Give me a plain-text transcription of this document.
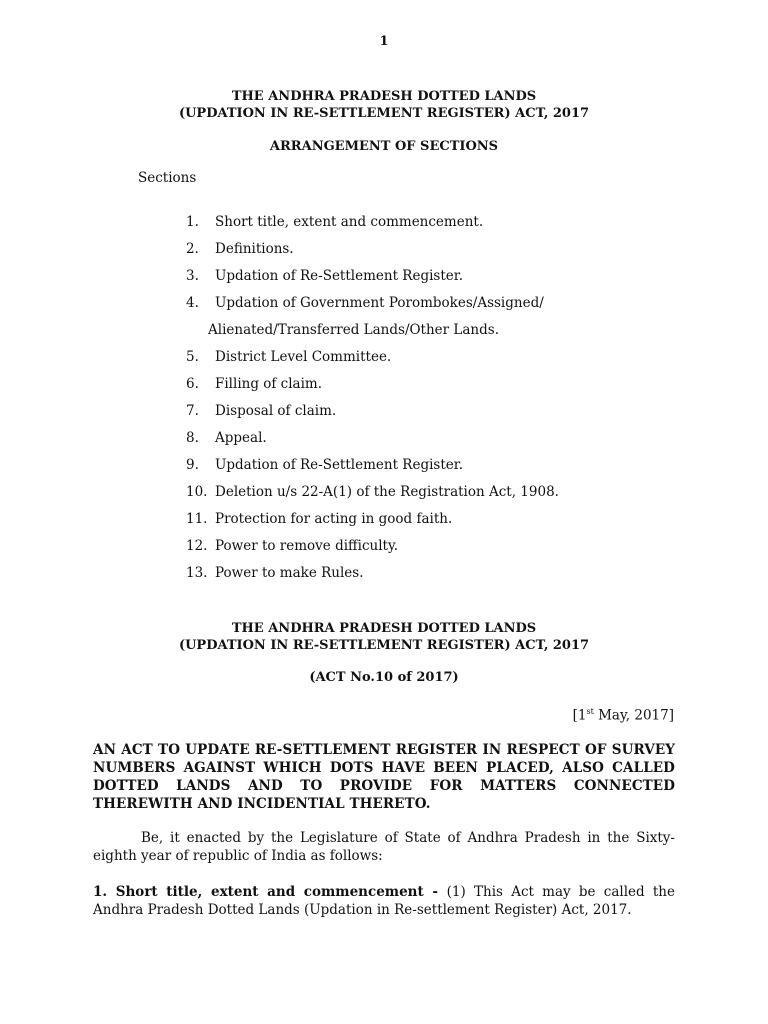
1
THE ANDHRA PRADESH DOTTED LANDS
(UPDATION IN RE-SETTLEMENT REGISTER) ACT, 2017
ARRANGEMENT OF SECTIONS
Sections
1. Short title, extent and commencement.
2. Definitions.
3. Updation of Re-Settlement Register.
4. Updation of Government Porombokes/Assigned/
Alienated/Transferred Lands/Other Lands.
5. District Level Committee.
6. Filling of claim.
7. Disposal of claim.
8. Appeal.
9. Updation of Re-Settlement Register.
10. Deletion u/s 22-A(1) of the Registration Act, 1908.
11. Protection for acting in good faith.
12. Power to remove difficulty.
13. Power to make Rules.
THE ANDHRA PRADESH DOTTED LANDS
(UPDATION IN RE-SETTLEMENT REGISTER) ACT, 2017
(ACT No.10 of 2017)
[1st May, 2017]
AN ACT TO UPDATE RE-SETTLEMENT REGISTER IN RESPECT OF SURVEY NUMBERS AGAINST WHICH DOTS HAVE BEEN PLACED, ALSO CALLED DOTTED LANDS AND TO PROVIDE FOR MATTERS CONNECTED THEREWITH AND INCIDENTIAL THERETO.
Be, it enacted by the Legislature of State of Andhra Pradesh in the Sixty-eighth year of republic of India as follows:
1. Short title, extent and commencement - (1) This Act may be called the Andhra Pradesh Dotted Lands (Updation in Re-settlement Register) Act, 2017.
